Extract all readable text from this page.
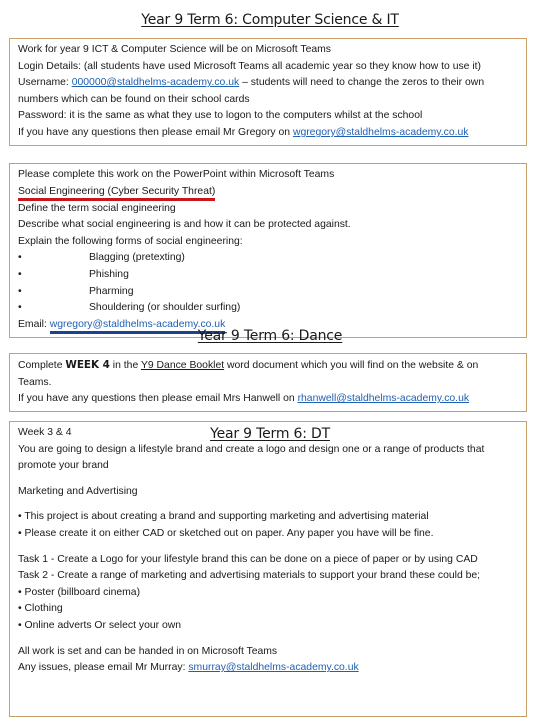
Year 9 Term 6: Computer Science & IT

Work for year 9 ICT & Computer Science will be on Microsoft Teams

Login Details: (all students have used Microsoft Teams all academic year so they know how to use it)

Username: 000000@staldhelms-academy.co.uk – students will need to change the zeros to their own

numbers which can be found on their school cards

Password: it is the same as what they use to logon to the computers whilst at the school

If you have any questions then please email Mr Gregory on wgregory@staldhelms-academy.co.uk

Please complete this work on the PowerPoint within Microsoft Teams

Social Engineering (Cyber Security Threat)

Define the term social engineering

Describe what social engineering is and how it can be protected against.

Explain the following forms of social engineering:

•	Blagging (pretexting)
•	Phishing
•	Pharming
•	Shouldering (or shoulder surfing)

Email: wgregory@staldhelms-academy.co.uk

Year 9 Term 6: Dance

Complete WEEK 4 in the Y9 Dance Booklet word document which you will find on the website & on

Teams.

If you have any questions then please email Mrs Hanwell on rhanwell@staldhelms-academy.co.uk

Year 9 Term 6: DT

Week 3 & 4

You are going to design a lifestyle brand and create a logo and design one or a range of products that

promote your brand

Marketing and Advertising

• This project is about creating a brand and supporting marketing and advertising material

• Please create it on either CAD or sketched out on paper. Any paper you have will be fine.

Task 1 - Create a Logo for your lifestyle brand this can be done on a piece of paper or by using CAD

Task 2 - Create a range of marketing and advertising materials to support your brand these could be;

• Poster (billboard cinema)

• Clothing

• Online adverts Or select your own

All work is set and can be handed in on Microsoft Teams

Any issues, please email Mr Murray: smurray@staldhelms-academy.co.uk
